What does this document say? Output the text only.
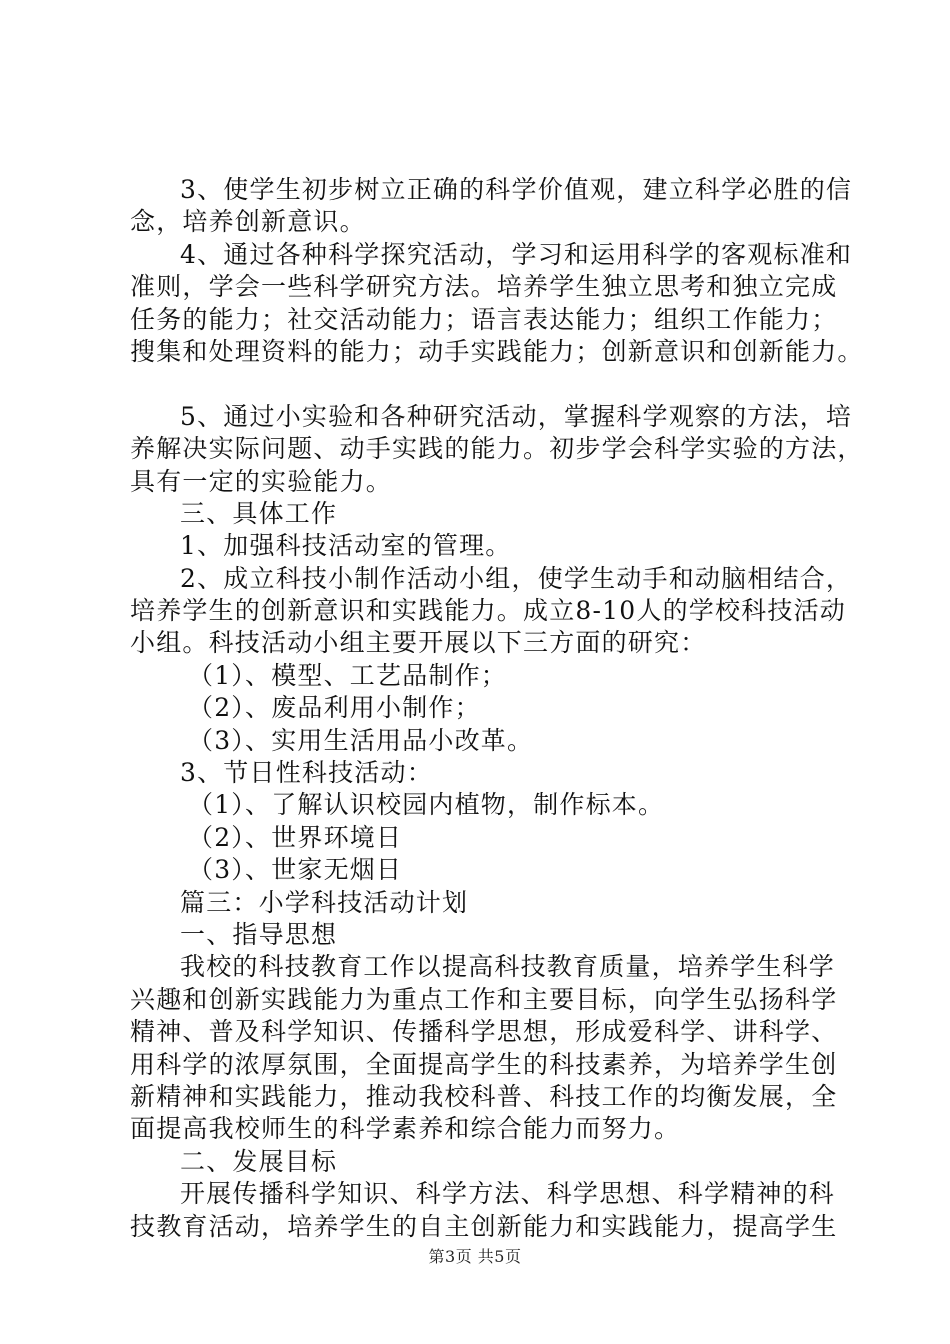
3、使学生初步树立正确的科学价值观，建立科学必胜的信
念，培养创新意识。
4、通过各种科学探究活动，学习和运用科学的客观标准和
准则，学会一些科学研究方法。培养学生独立思考和独立完成
任务的能力；社交活动能力；语言表达能力；组织工作能力；
搜集和处理资料的能力；动手实践能力；创新意识和创新能力。
5、通过小实验和各种研究活动，掌握科学观察的方法，培
养解决实际问题、动手实践的能力。初步学会科学实验的方法，
具有一定的实验能力。
三、具体工作
1、加强科技活动室的管理。
2、成立科技小制作活动小组，使学生动手和动脑相结合，
培养学生的创新意识和实践能力。成立8-10人的学校科技活动
小组。科技活动小组主要开展以下三方面的研究：
（1）、模型、工艺品制作；
（2）、废品利用小制作；
（3）、实用生活用品小改革。
3、节日性科技活动：
（1）、了解认识校园内植物，制作标本。
（2）、世界环境日
（3）、世家无烟日
篇三：小学科技活动计划
一、指导思想
我校的科技教育工作以提高科技教育质量，培养学生科学
兴趣和创新实践能力为重点工作和主要目标，向学生弘扬科学
精神、普及科学知识、传播科学思想，形成爱科学、讲科学、
用科学的浓厚氛围，全面提高学生的科技素养，为培养学生创
新精神和实践能力，推动我校科普、科技工作的均衡发展，全
面提高我校师生的科学素养和综合能力而努力。
二、发展目标
开展传播科学知识、科学方法、科学思想、科学精神的科
技教育活动，培养学生的自主创新能力和实践能力，提高学生
第3页 共5页
